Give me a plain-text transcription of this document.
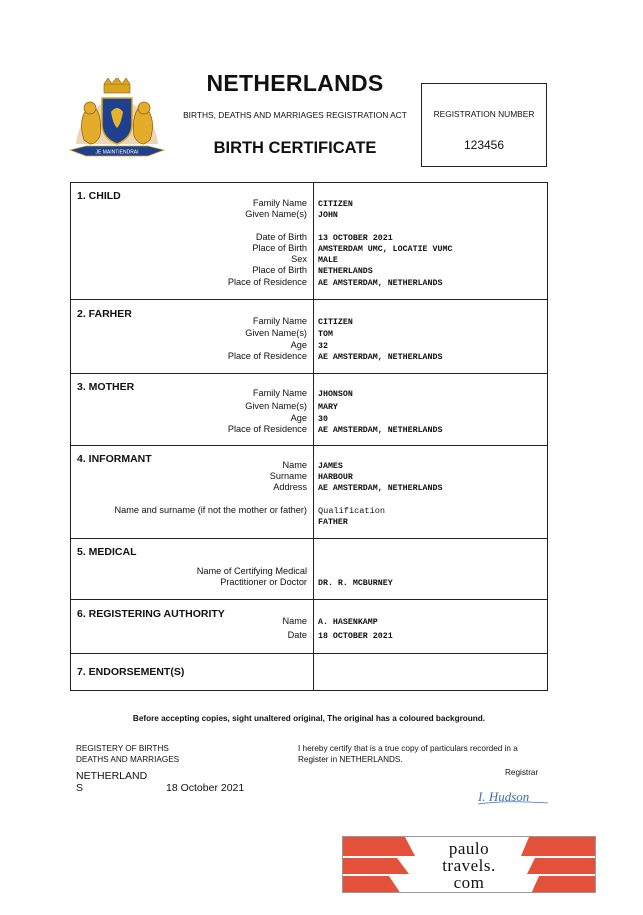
JE MAINTIENDRAI
NETHERLANDS
BIRTHS, DEATHS AND MARRIAGES REGISTRATION ACT
BIRTH CERTIFICATE
REGISTRATION NUMBER
123456
1. CHILD
Family Name CITIZEN
Given Name(s) JOHN
Date of Birth 13 OCTOBER 2021
Place of Birth AMSTERDAM UMC, LOCATIE VUMC
Sex MALE
Place of Birth NETHERLANDS
Place of Residence AE AMSTERDAM, NETHERLANDS
2. FARHER
Family Name CITIZEN
Given Name(s) TOM
Age 32
Place of Residence AE AMSTERDAM, NETHERLANDS
3. MOTHER	Family Name JHONSON
Given Name(s) MARY
Age 30
Place of Residence AE AMSTERDAM, NETHERLANDS
4. INFORMANT	Name JAMES
Surname HARBOUR
Address AE AMSTERDAM, NETHERLANDS
Name and surname (if not the mother or father) Qualification
FATHER
5. MEDICAL
Name of Certifying Medical
Practitioner or Doctor DR. R. MCBURNEY
6. REGISTERING AUTHORITY
Name A. HASENKAMP
Date 18 OCTOBER 2021
7. ENDORSEMENT(S)
Before accepting copies, sight unaltered original, The original has a coloured background.
REGISTERY OF BIRTHS
DEATHS AND MARRIAGES
NETHERLAND
S	18 October 2021
I hereby certify that is a true copy of particulars recorded in a
Register in NETHERLANDS.
Registrar
I. Hudson
paulo
travels.
com
